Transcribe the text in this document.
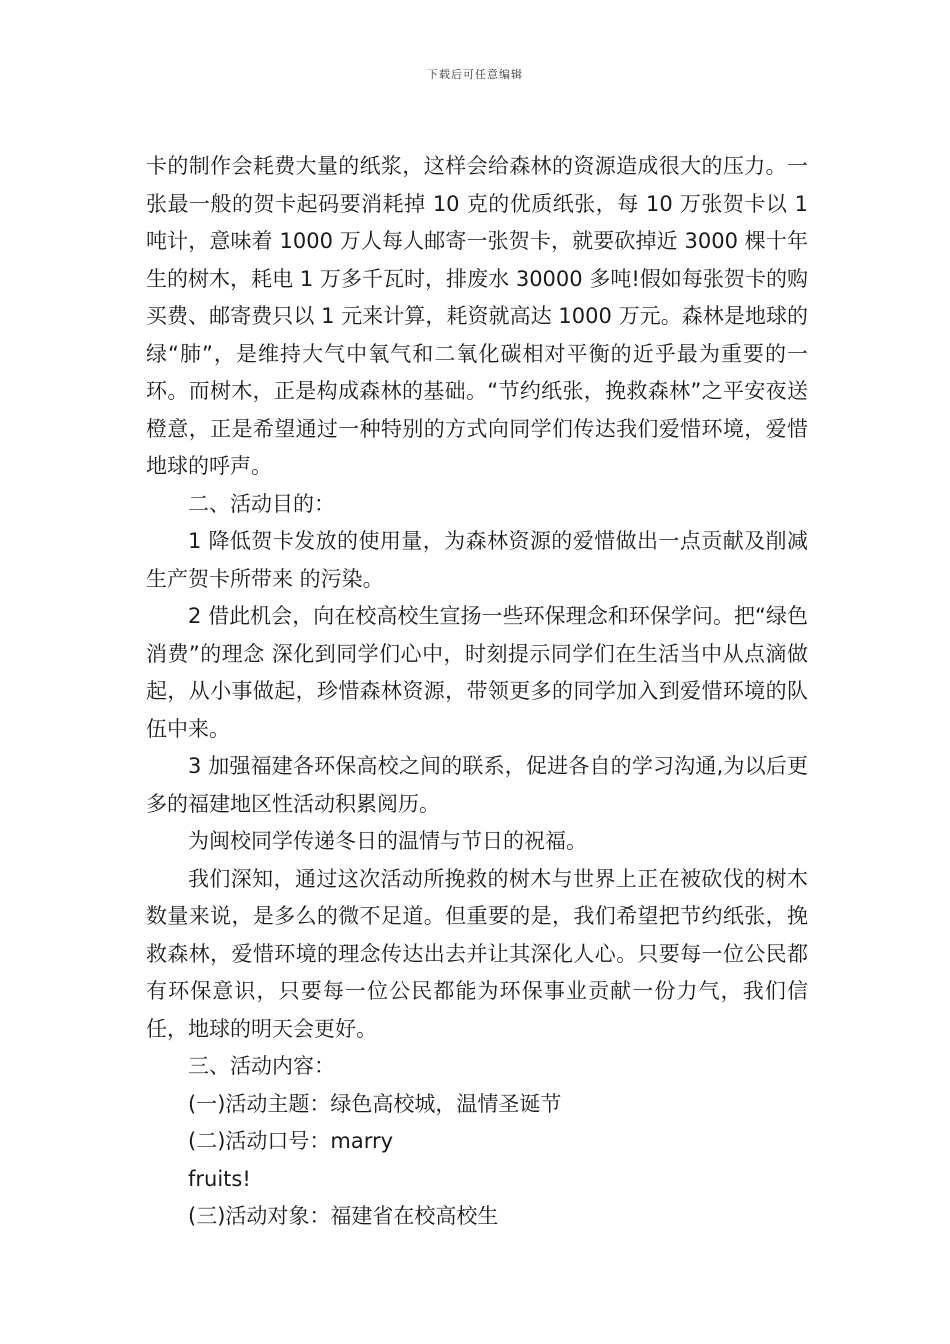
下载后可任意编辑

卡的制作会耗费大量的纸浆，这样会给森林的资源造成很大的压力。一张最一般的贺卡起码要消耗掉 10 克的优质纸张，每 10 万张贺卡以 1 吨计，意味着 1000 万人每人邮寄一张贺卡，就要砍掉近 3000 棵十年生的树木，耗电 1 万多千瓦时，排废水 30000 多吨!假如每张贺卡的购买费、邮寄费只以 1 元来计算，耗资就高达 1000 万元。森林是地球的绿“肺”，是维持大气中氧气和二氧化碳相对平衡的近乎最为重要的一环。而树木，正是构成森林的基础。“节约纸张，挽救森林”之平安夜送橙意，正是希望通过一种特别的方式向同学们传达我们爱惜环境，爱惜地球的呼声。

二、活动目的：

1 降低贺卡发放的使用量，为森林资源的爱惜做出一点贡献及削减生产贺卡所带来 的污染。

2 借此机会，向在校高校生宣扬一些环保理念和环保学问。把“绿色消费”的理念 深化到同学们心中，时刻提示同学们在生活当中从点滴做起，从小事做起，珍惜森林资源，带领更多的同学加入到爱惜环境的队伍中来。

3 加强福建各环保高校之间的联系，促进各自的学习沟通,为以后更多的福建地区性活动积累阅历。

为闽校同学传递冬日的温情与节日的祝福。

我们深知，通过这次活动所挽救的树木与世界上正在被砍伐的树木数量来说，是多么的微不足道。但重要的是，我们希望把节约纸张，挽救森林，爱惜环境的理念传达出去并让其深化人心。只要每一位公民都有环保意识，只要每一位公民都能为环保事业贡献一份力气，我们信任，地球的明天会更好。

三、活动内容：

(一)活动主题：绿色高校城，温情圣诞节

(二)活动口号：marry

fruits!

(三)活动对象：福建省在校高校生
